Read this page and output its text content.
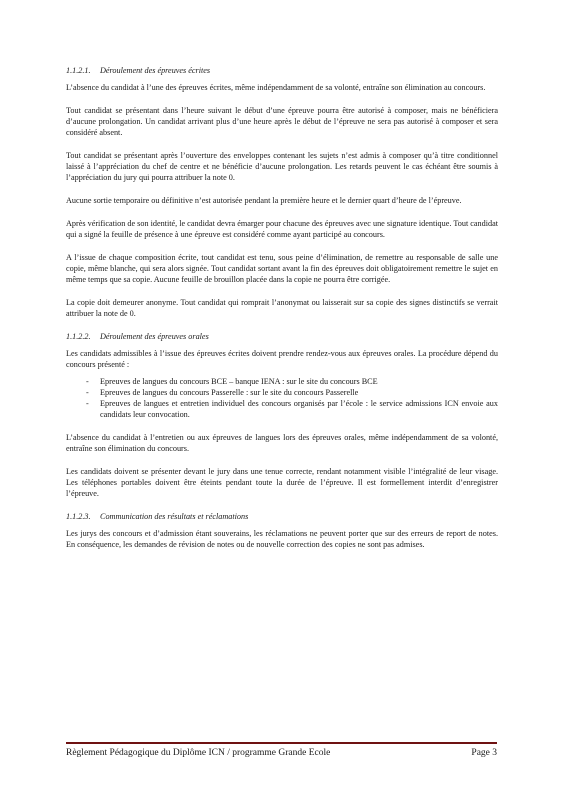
1.1.2.1. Déroulement des épreuves écrites

L’absence du candidat à l’une des épreuves écrites, même indépendamment de sa volonté, entraîne son élimination au concours.

Tout candidat se présentant dans l’heure suivant le début d’une épreuve pourra être autorisé à composer, mais ne bénéficiera d’aucune prolongation. Un candidat arrivant plus d’une heure après le début de l’épreuve ne sera pas autorisé à composer et sera considéré absent.

Tout candidat se présentant après l’ouverture des enveloppes contenant les sujets n’est admis à composer qu’à titre conditionnel laissé à l’appréciation du chef de centre et ne bénéficie d’aucune prolongation. Les retards peuvent le cas échéant être soumis à l’appréciation du jury qui pourra attribuer la note 0.

Aucune sortie temporaire ou définitive n’est autorisée pendant la première heure et le dernier quart d’heure de l’épreuve.

Après vérification de son identité, le candidat devra émarger pour chacune des épreuves avec une signature identique. Tout candidat qui a signé la feuille de présence à une épreuve est considéré comme ayant participé au concours.

A l’issue de chaque composition écrite, tout candidat est tenu, sous peine d’élimination, de remettre au responsable de salle une copie, même blanche, qui sera alors signée. Tout candidat sortant avant la fin des épreuves doit obligatoirement remettre le sujet en même temps que sa copie. Aucune feuille de brouillon placée dans la copie ne pourra être corrigée.

La copie doit demeurer anonyme. Tout candidat qui romprait l’anonymat ou laisserait sur sa copie des signes distinctifs se verrait attribuer la note de 0.

1.1.2.2. Déroulement des épreuves orales

Les candidats admissibles à l’issue des épreuves écrites doivent prendre rendez-vous aux épreuves orales. La procédure dépend du concours présenté :

- Epreuves de langues du concours BCE – banque IENA : sur le site du concours BCE
- Epreuves de langues du concours Passerelle : sur le site du concours Passerelle
- Epreuves de langues et entretien individuel des concours organisés par l’école : le service admissions ICN envoie aux candidats leur convocation.

L’absence du candidat à l’entretien ou aux épreuves de langues lors des épreuves orales, même indépendamment de sa volonté, entraîne son élimination du concours.

Les candidats doivent se présenter devant le jury dans une tenue correcte, rendant notamment visible l’intégralité de leur visage. Les téléphones portables doivent être éteints pendant toute la durée de l’épreuve. Il est formellement interdit d’enregistrer l’épreuve.

1.1.2.3. Communication des résultats et réclamations

Les jurys des concours et d’admission étant souverains, les réclamations ne peuvent porter que sur des erreurs de report de notes. En conséquence, les demandes de révision de notes ou de nouvelle correction des copies ne sont pas admises.

Règlement Pédagogique du Diplôme ICN / programme Grande Ecole	Page 3
